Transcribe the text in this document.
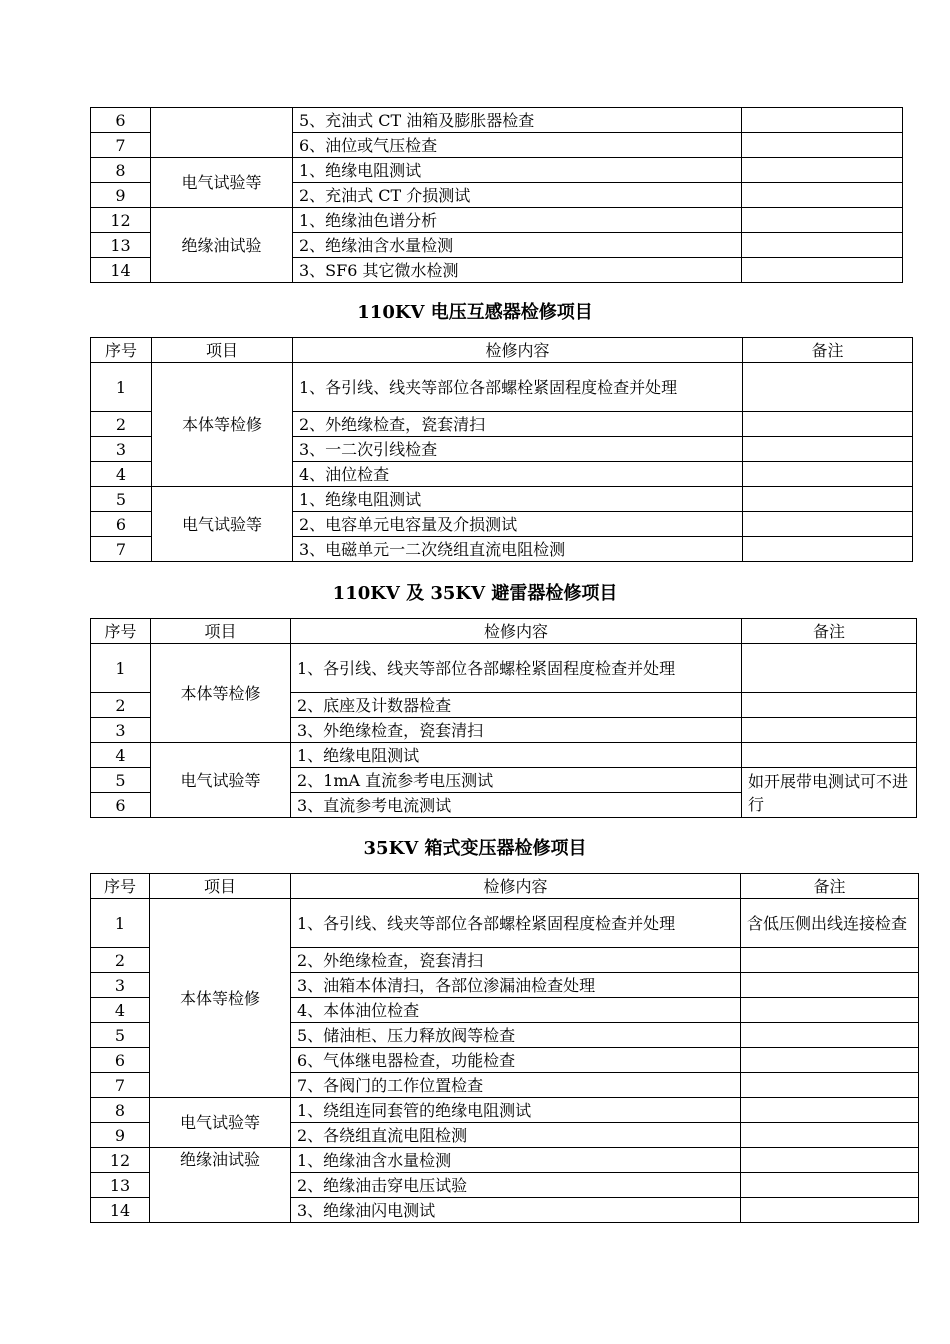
6		5、充油式 CT 油箱及膨胀器检查	
7		6、油位或气压检查	
8	电气试验等	1、绝缘电阻测试	
9		2、充油式 CT 介损测试	
12	绝缘油试验	1、绝缘油色谱分析	
13		2、绝缘油含水量检测	
14		3、SF6 其它微水检测	
110KV 电压互感器检修项目
序号	项目	检修内容	备注
1	本体等检修	1、各引线、线夹等部位各部螺栓紧固程度检查并处理	
2		2、外绝缘检查，瓷套清扫	
3		3、一二次引线检查	
4		4、油位检查	
5	电气试验等	1、绝缘电阻测试	
6		2、电容单元电容量及介损测试	
7		3、电磁单元一二次绕组直流电阻检测	
110KV 及 35KV 避雷器检修项目
序号	项目	检修内容	备注
1	本体等检修	1、各引线、线夹等部位各部螺栓紧固程度检查并处理	
2		2、底座及计数器检查	
3		3、外绝缘检查，瓷套清扫	
4	电气试验等	1、绝缘电阻测试	
5		2、1mA 直流参考电压测试	如开展带电测试可不进行
6		3、直流参考电流测试	
35KV 箱式变压器检修项目
序号	项目	检修内容	备注
1	本体等检修	1、各引线、线夹等部位各部螺栓紧固程度检查并处理	含低压侧出线连接检查
2		2、外绝缘检查，瓷套清扫	
3		3、油箱本体清扫，各部位渗漏油检查处理	
4		4、本体油位检查	
5		5、储油柜、压力释放阀等检查	
6		6、气体继电器检查，功能检查	
7		7、各阀门的工作位置检查	
8	电气试验等	1、绕组连同套管的绝缘电阻测试	
9		2、各绕组直流电阻检测	
12	绝缘油试验	1、绝缘油含水量检测	
13		2、绝缘油击穿电压试验	
14		3、绝缘油闪电测试	
